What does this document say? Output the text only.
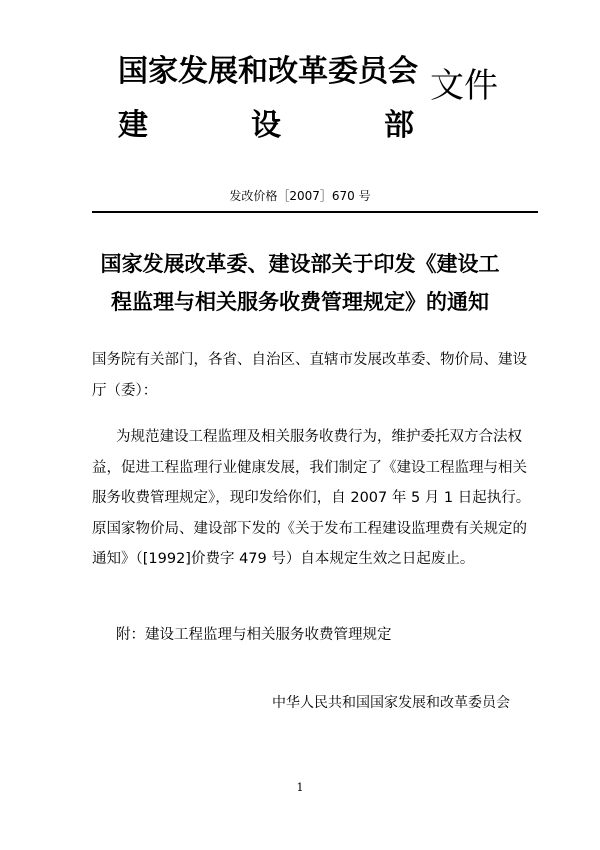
国家发展和改革委员会 文件
建	设	部
发改价格［2007］670 号
国家发展改革委、建设部关于印发《建设工
程监理与相关服务收费管理规定》的通知
国务院有关部门，各省、自治区、直辖市发展改革委、物价局、建设
厅（委）：
为规范建设工程监理及相关服务收费行为，维护委托双方合法权
益，促进工程监理行业健康发展，我们制定了《建设工程监理与相关
服务收费管理规定》，现印发给你们，自 2007 年 5 月 1 日起执行。
原国家物价局、建设部下发的《关于发布工程建设监理费有关规定的
通知》（[1992]价费字 479 号）自本规定生效之日起废止。
附：建设工程监理与相关服务收费管理规定
中华人民共和国国家发展和改革委员会
1
